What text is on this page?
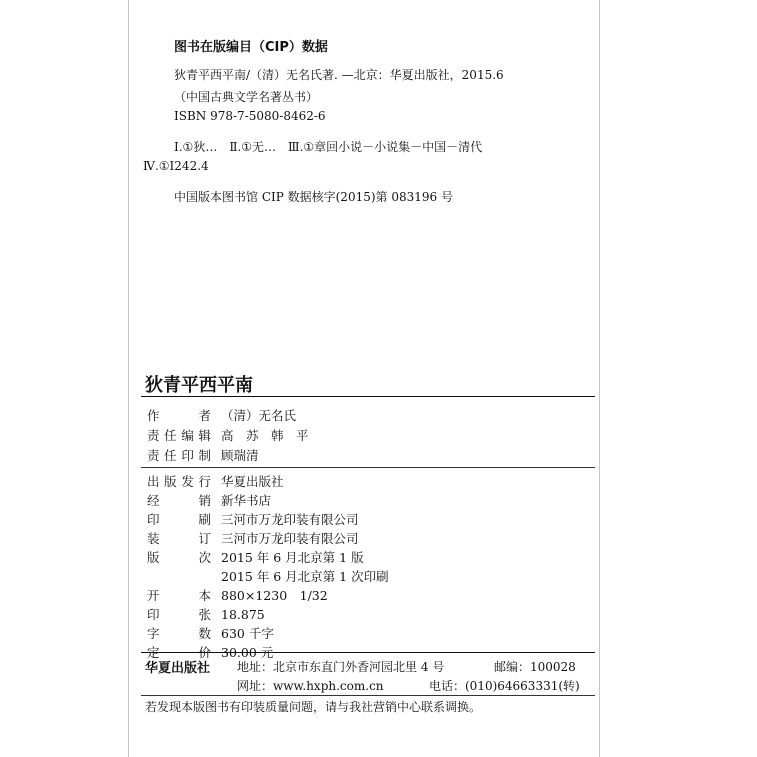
图书在版编目（CIP）数据
狄青平西平南/（清）无名氏著. —北京：华夏出版社，2015.6
（中国古典文学名著丛书）
ISBN 978-7-5080-8462-6
Ⅰ.①狄…　Ⅱ.①无…　Ⅲ.①章回小说－小说集－中国－清代
Ⅳ.①I242.4
中国版本图书馆 CIP 数据核字(2015)第 083196 号
狄青平西平南
作　者 （清）无名氏
责任编辑 高　苏　韩　平
责任印制 顾瑞清
出版发行 华夏出版社
经　销 新华书店
印　刷 三河市万龙印装有限公司
装　订 三河市万龙印装有限公司
版　次 2015 年 6 月北京第 1 版
2015 年 6 月北京第 1 次印刷
开　本 880×1230　1/32
印　张 18.875
字　数 630 千字
定　价 30.00 元
华夏出版社 地址：北京市东直门外香河园北里 4 号	邮编：100028
网址：www.hxph.com.cn	电话：(010)64663331(转)
若发现本版图书有印装质量问题，请与我社营销中心联系调换。
